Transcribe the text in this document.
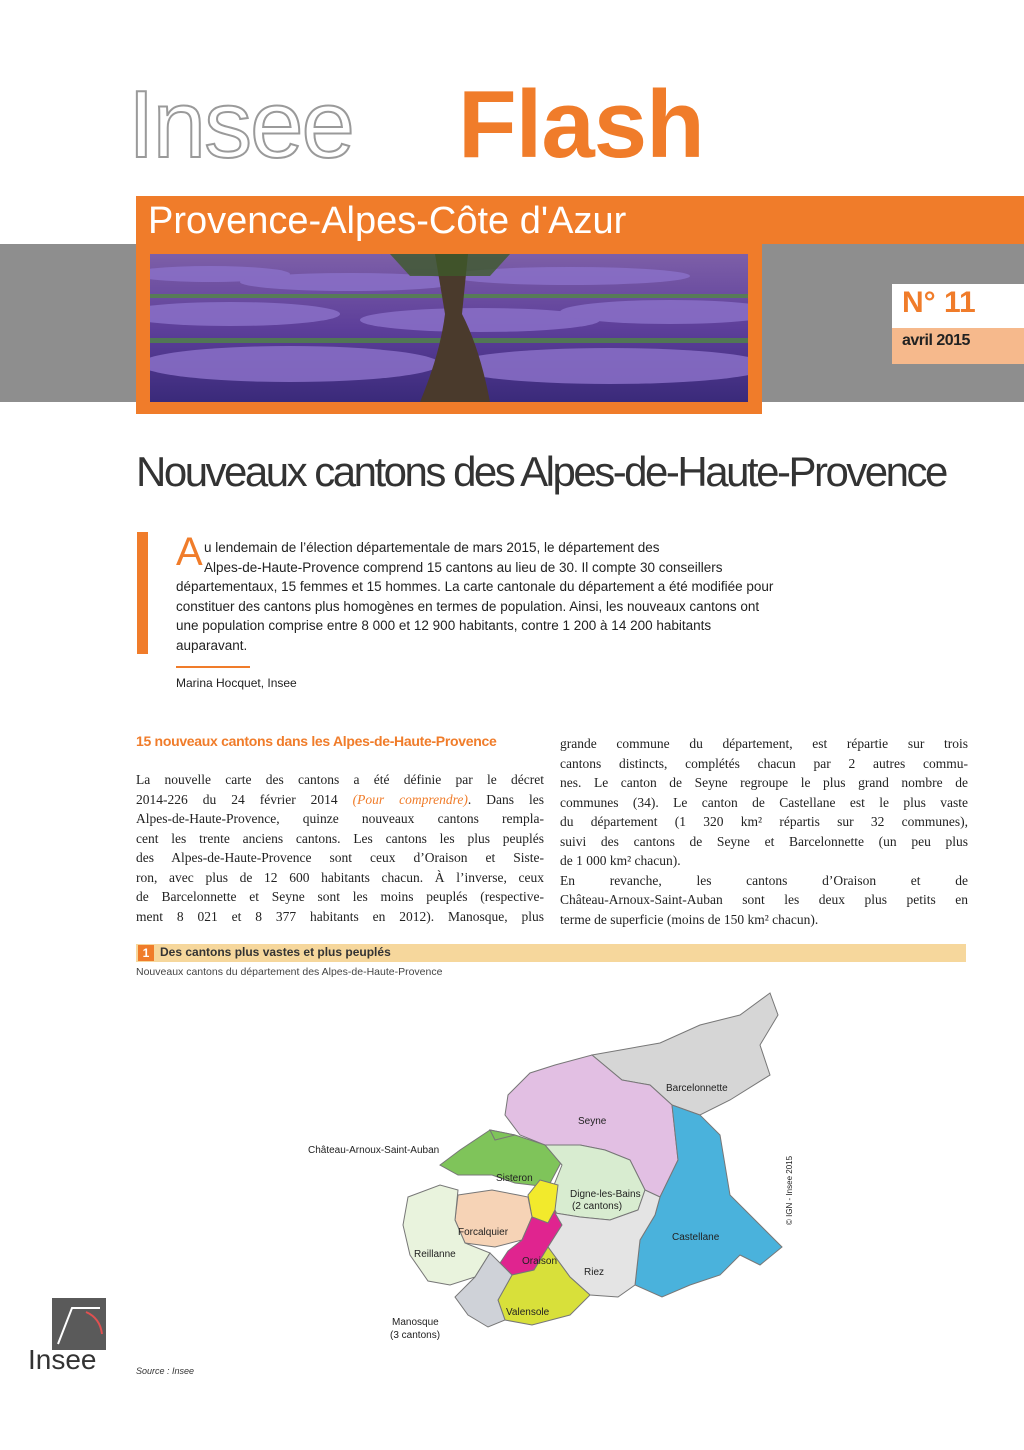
Insee Flash
Provence-Alpes-Côte d'Azur
N° 11
avril 2015
Nouveaux cantons des Alpes-de-Haute-Provence
A u lendemain de l’élection départementale de mars 2015, le département des
Alpes-de-Haute-Provence comprend 15 cantons au lieu de 30. Il compte 30 conseillers
départementaux, 15 femmes et 15 hommes. La carte cantonale du département a été modifiée pour
constituer des cantons plus homogènes en termes de population. Ainsi, les nouveaux cantons ont
une population comprise entre 8 000 et 12 900 habitants, contre 1 200 à 14 200 habitants
auparavant.
Marina Hocquet, Insee
15 nouveaux cantons dans les Alpes-de-Haute-Provence
La nouvelle carte des cantons a été définie par le décret
2014-226 du 24 février 2014 (Pour comprendre). Dans les
Alpes-de-Haute-Provence, quinze nouveaux cantons rempla-
cent les trente anciens cantons. Les cantons les plus peuplés
des Alpes-de-Haute-Provence sont ceux d’Oraison et Siste-
ron, avec plus de 12 600 habitants chacun. À l’inverse, ceux
de Barcelonnette et Seyne sont les moins peuplés (respective-
ment 8 021 et 8 377 habitants en 2012). Manosque, plus
grande commune du département, est répartie sur trois
cantons distincts, complétés chacun par 2 autres commu-
nes. Le canton de Seyne regroupe le plus grand nombre de
communes (34). Le canton de Castellane est le plus vaste
du département (1 320 km² répartis sur 32 communes),
suivi des cantons de Seyne et Barcelonnette (un peu plus
de 1 000 km² chacun).
En revanche, les cantons d’Oraison et de
Château-Arnoux-Saint-Auban sont les deux plus petits en
terme de superficie (moins de 150 km² chacun).
1 Des cantons plus vastes et plus peuplés
Nouveaux cantons du département des Alpes-de-Haute-Provence
Barcelonnette
Seyne
Château-Arnoux-Saint-Auban
Sisteron
Digne-les-Bains
(2 cantons)
Castellane
Forcalquier
Reillanne
Oraison
Riez
Valensole
Manosque
(3 cantons)
© IGN - Insee 2015
Source : Insee
Insee
